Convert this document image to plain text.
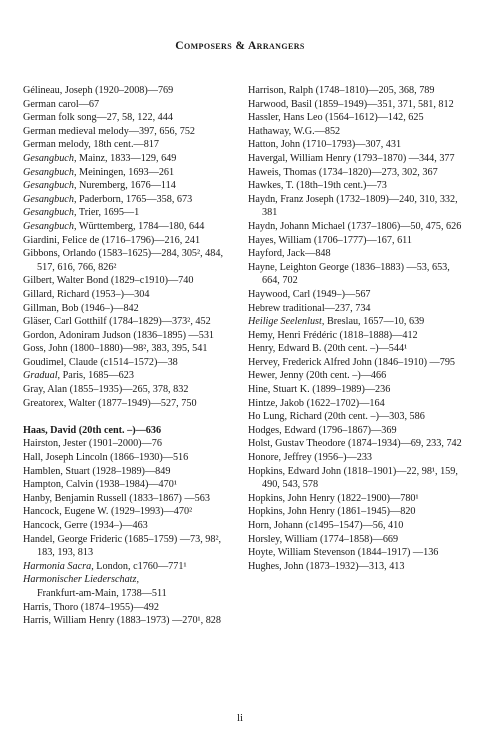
Composers & Arrangers
Gélineau, Joseph (1920–2008)—769
German carol—67
German folk song—27, 58, 122, 444
German medieval melody—397, 656, 752
German melody, 18th cent.—817
Gesangbuch, Mainz, 1833—129, 649
Gesangbuch, Meiningen, 1693—261
Gesangbuch, Nuremberg, 1676—114
Gesangbuch, Paderborn, 1765—358, 673
Gesangbuch, Trier, 1695—1
Gesangbuch, Württemberg, 1784—180, 644
Giardini, Felice de (1716–1796)—216, 241
Gibbons, Orlando (1583–1625)—284, 305², 484, 517, 616, 766, 826²
Gilbert, Walter Bond (1829–c1910)—740
Gillard, Richard (1953–)—304
Gillman, Bob (1946–)—842
Gläser, Carl Gotthilf (1784–1829)—373², 452
Gordon, Adoniram Judson (1836–1895) —531
Goss, John (1800–1880)—98², 383, 395, 541
Goudimel, Claude (c1514–1572)—38
Gradual, Paris, 1685—623
Gray, Alan (1855–1935)—265, 378, 832
Greatorex, Walter (1877–1949)—527, 750
Haas, David (20th cent. –)—636
Hairston, Jester (1901–2000)—76
Hall, Joseph Lincoln (1866–1930)—516
Hamblen, Stuart (1928–1989)—849
Hampton, Calvin (1938–1984)—470¹
Hanby, Benjamin Russell (1833–1867) —563
Hancock, Eugene W. (1929–1993)—470²
Hancock, Gerre (1934–)—463
Handel, George Frideric (1685–1759) —73, 98², 183, 193, 813
Harmonia Sacra, London, c1760—771¹
Harmonischer Liederschatz,
Frankfurt-am-Main, 1738—511
Harris, Thoro (1874–1955)—492
Harris, William Henry (1883–1973) —270¹, 828
Harrison, Ralph (1748–1810)—205, 368, 789
Harwood, Basil (1859–1949)—351, 371, 581, 812
Hassler, Hans Leo (1564–1612)—142, 625
Hathaway, W.G.—852
Hatton, John (1710–1793)—307, 431
Havergal, William Henry (1793–1870) —344, 377
Haweis, Thomas (1734–1820)—273, 302, 367
Hawkes, T. (18th–19th cent.)—73
Haydn, Franz Joseph (1732–1809)—240, 310, 332, 381
Haydn, Johann Michael (1737–1806)—50, 475, 626
Hayes, William (1706–1777)—167, 611
Hayford, Jack—848
Hayne, Leighton George (1836–1883) —53, 653, 664, 702
Haywood, Carl (1949–)—567
Hebrew traditional—237, 734
Heilige Seelenlust, Breslau, 1657—10, 639
Hemy, Henri Frédéric (1818–1888)—412
Henry, Edward B. (20th cent. –)—544¹
Hervey, Frederick Alfred John (1846–1910) —795
Hewer, Jenny (20th cent. –)—466
Hine, Stuart K. (1899–1989)—236
Hintze, Jakob (1622–1702)—164
Ho Lung, Richard (20th cent. –)—303, 586
Hodges, Edward (1796–1867)—369
Holst, Gustav Theodore (1874–1934)—69, 233, 742
Honore, Jeffrey (1956–)—233
Hopkins, Edward John (1818–1901)—22, 98¹, 159, 490, 543, 578
Hopkins, John Henry (1822–1900)—780¹
Hopkins, John Henry (1861–1945)—820
Horn, Johann (c1495–1547)—56, 410
Horsley, William (1774–1858)—669
Hoyte, William Stevenson (1844–1917) —136
Hughes, John (1873–1932)—313, 413
li
